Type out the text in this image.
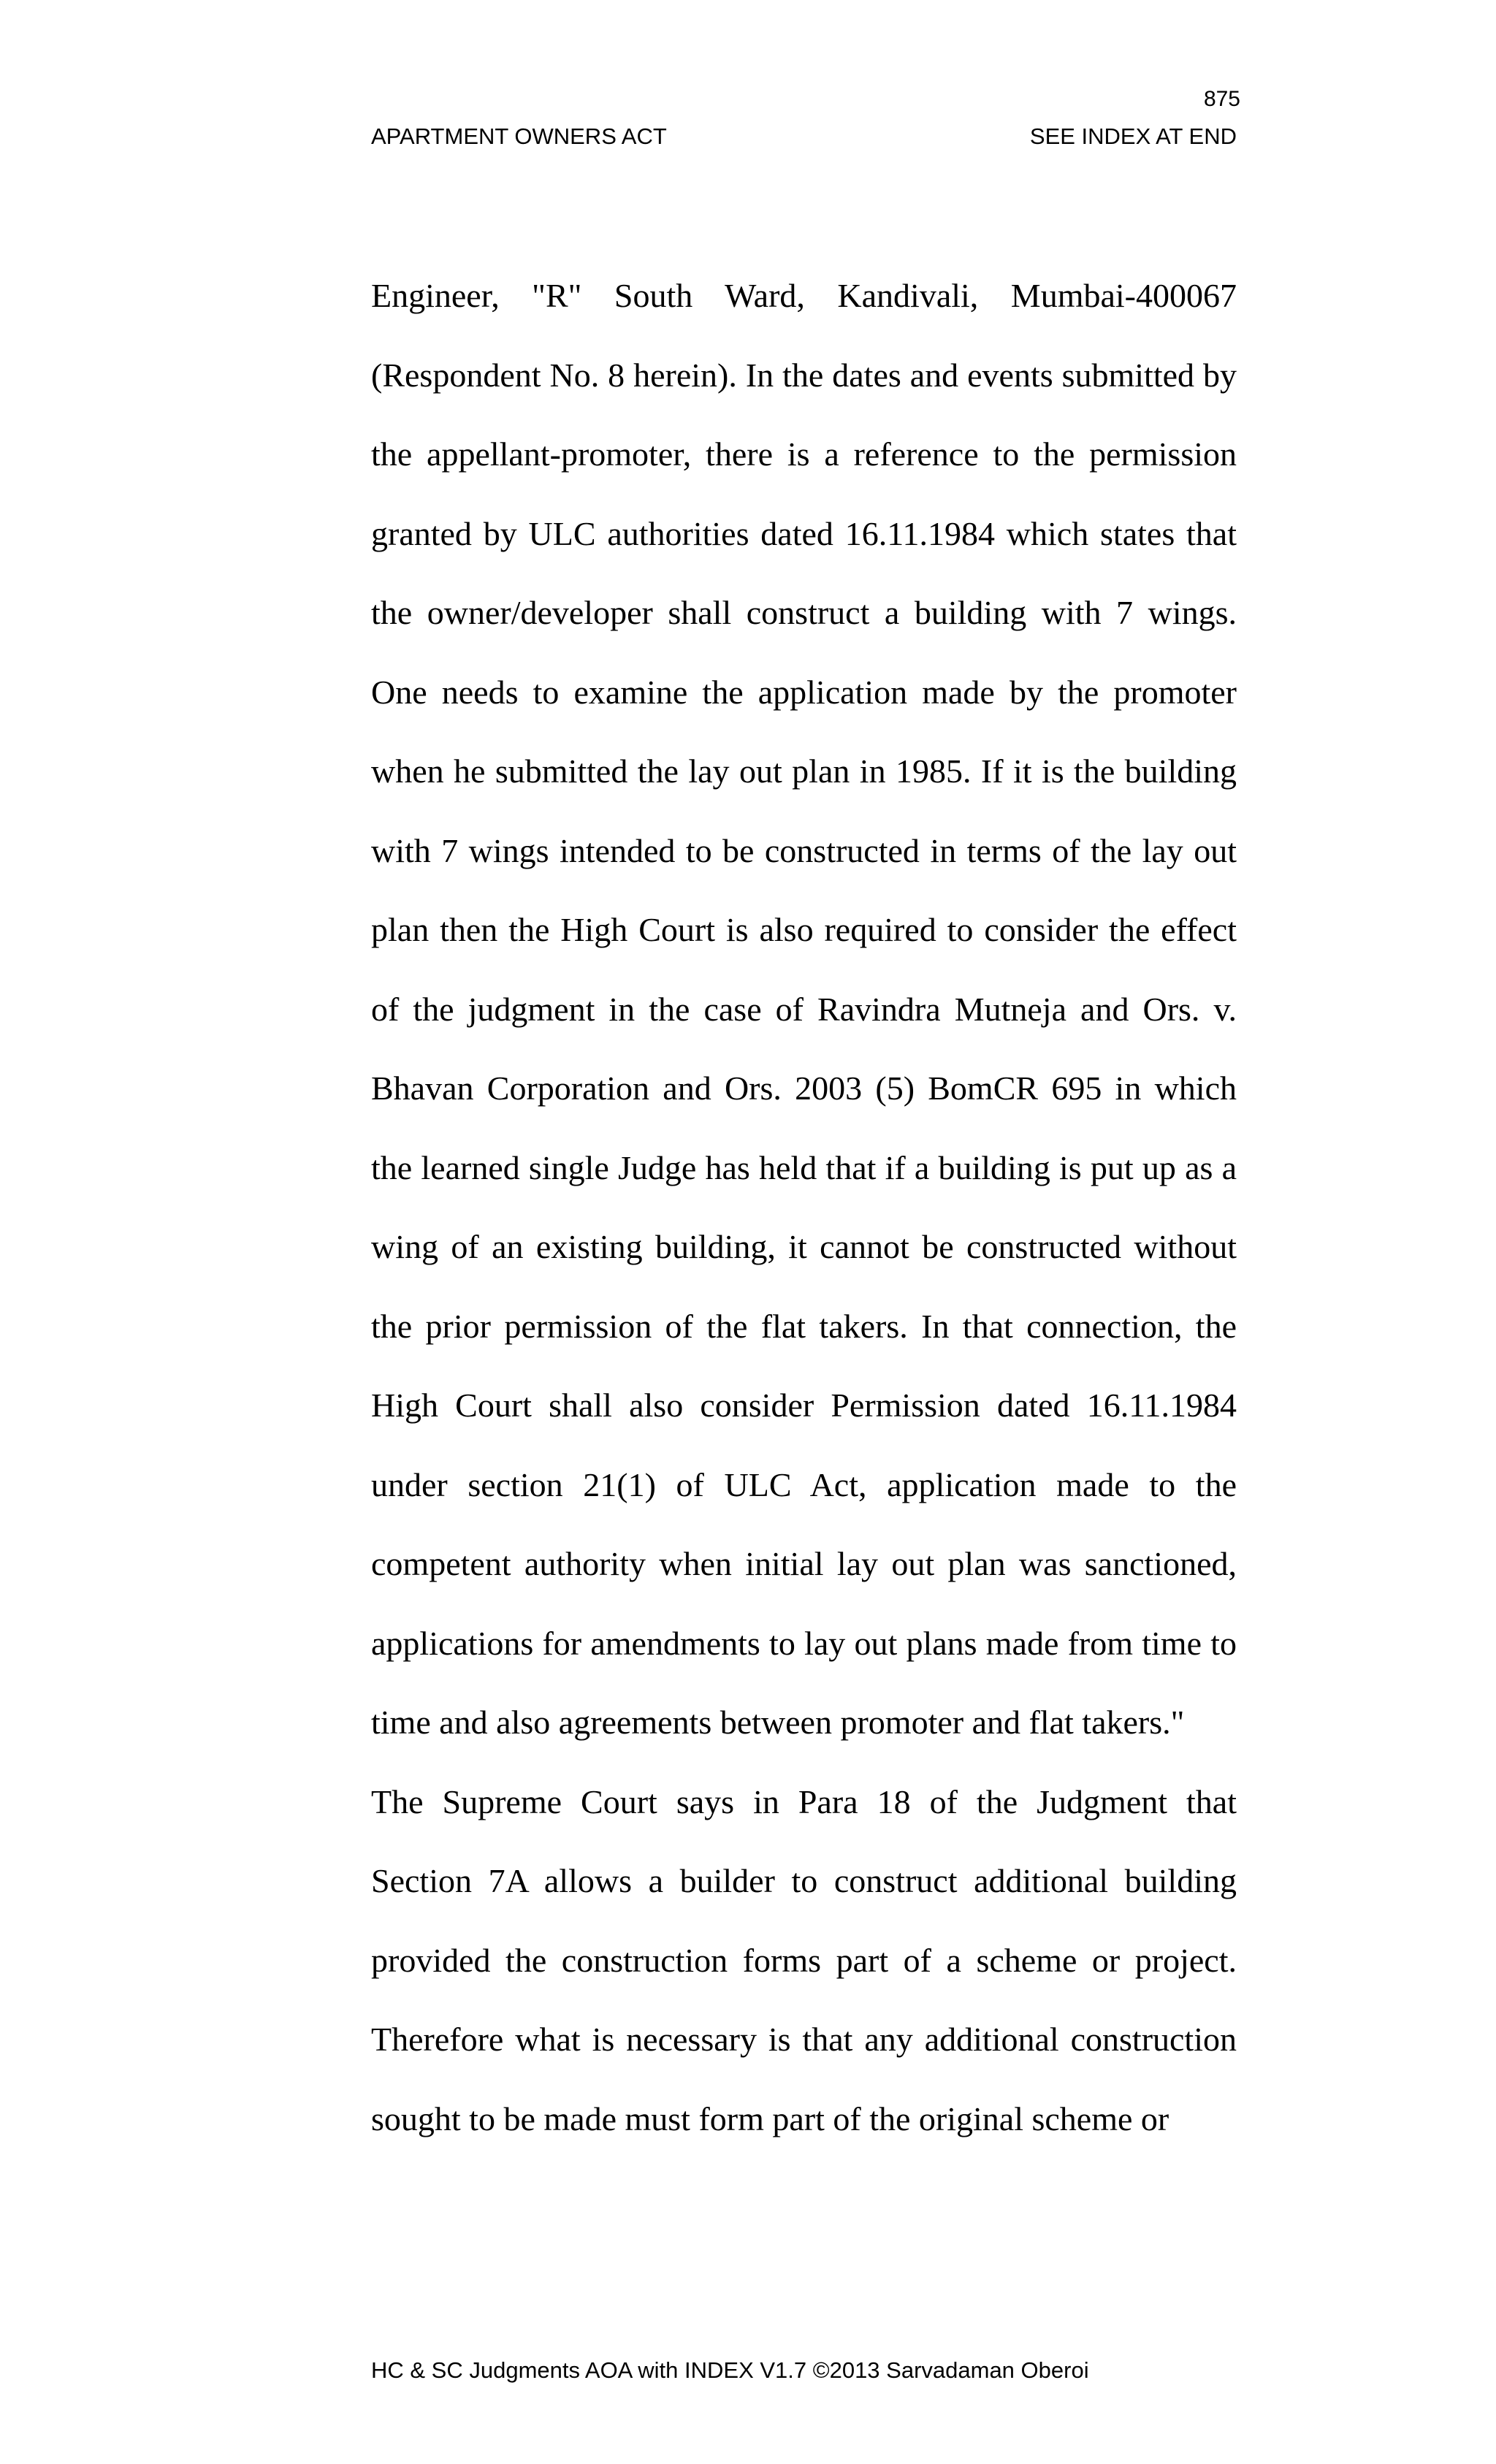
875
APARTMENT OWNERS ACT	SEE INDEX AT END

Engineer, "R" South Ward, Kandivali, Mumbai-400067 (Respondent No. 8 herein). In the dates and events submitted by the appellant-promoter, there is a reference to the permission granted by ULC authorities dated 16.11.1984 which states that the owner/developer shall construct a building with 7 wings. One needs to examine the application made by the promoter when he submitted the lay out plan in 1985. If it is the building with 7 wings intended to be constructed in terms of the lay out plan then the High Court is also required to consider the effect of the judgment in the case of Ravindra Mutneja and Ors. v. Bhavan Corporation and Ors. 2003 (5) BomCR 695 in which the learned single Judge has held that if a building is put up as a wing of an existing building, it cannot be constructed without the prior permission of the flat takers. In that connection, the High Court shall also consider Permission dated 16.11.1984 under section 21(1) of ULC Act, application made to the competent authority when initial lay out plan was sanctioned, applications for amendments to lay out plans made from time to time and also agreements between promoter and flat takers."

The Supreme Court says in Para 18 of the Judgment that Section 7A allows a builder to construct additional building provided the construction forms part of a scheme or project. Therefore what is necessary is that any additional construction sought to be made must form part of the original scheme or

HC & SC Judgments AOA with INDEX V1.7 ©2013 Sarvadaman Oberoi
